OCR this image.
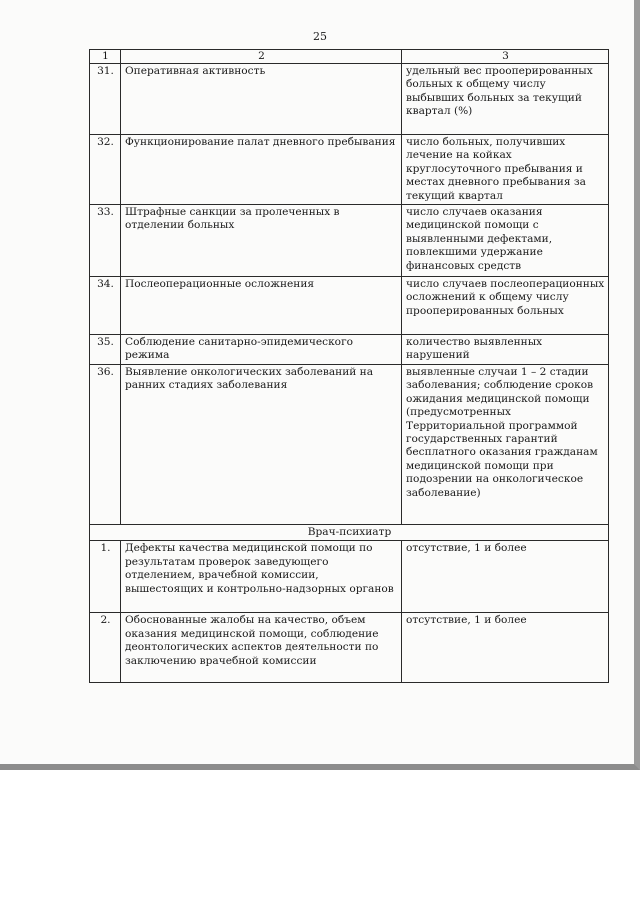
25
1	2	3
31.	Оперативная активность	удельный вес прооперированных больных к общему числу выбывших больных за текущий квартал (%)
32.	Функционирование палат дневного пребывания	число больных, получивших лечение на койках круглосуточного пребывания и местах дневного пребывания за текущий квартал
33.	Штрафные санкции за пролеченных в отделении больных	число случаев оказания медицинской помощи с выявленными дефектами, повлекшими удержание финансовых средств
34.	Послеоперационные осложнения	число случаев послеоперационных осложнений к общему числу прооперированных больных
35.	Соблюдение санитарно-эпидемического режима	количество выявленных нарушений
36.	Выявление онкологических заболеваний на ранних стадиях заболевания	выявленные случаи 1 – 2 стадии заболевания; соблюдение сроков ожидания медицинской помощи (предусмотренных Территориальной программой государственных гарантий бесплатного оказания гражданам медицинской помощи при подозрении на онкологическое заболевание)
Врач-психиатр		
1.	Дефекты качества медицинской помощи по результатам проверок заведующего отделением, врачебной комиссии, вышестоящих и контрольно-надзорных органов	отсутствие, 1 и более
2.	Обоснованные жалобы на качество, объем оказания медицинской помощи, соблюдение деонтологических аспектов деятельности по заключению врачебной комиссии	отсутствие, 1 и более
